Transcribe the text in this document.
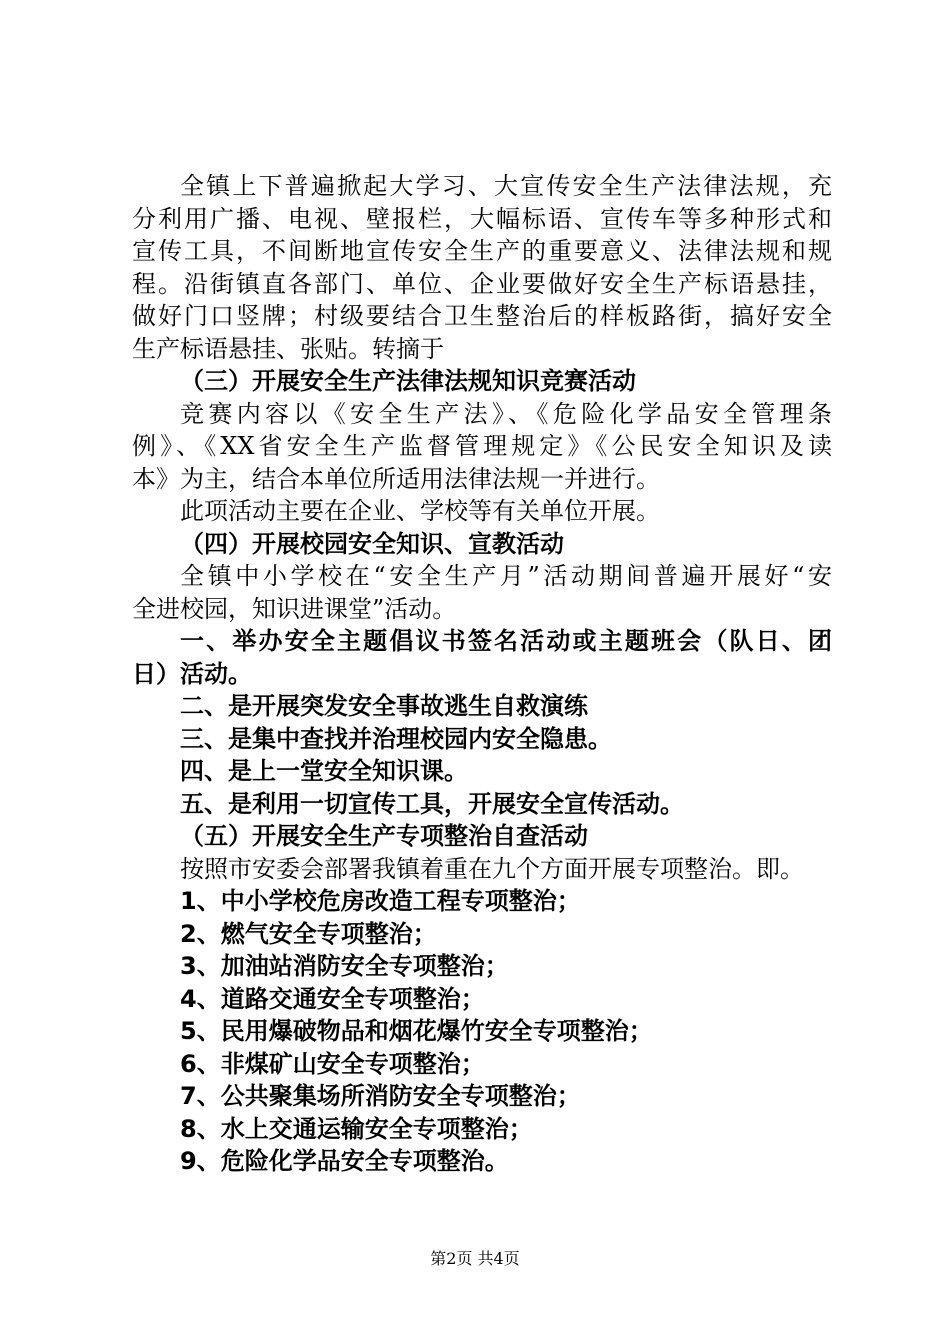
全镇上下普遍掀起大学习、大宣传安全生产法律法规，充
分利用广播、电视、壁报栏，大幅标语、宣传车等多种形式和
宣传工具，不间断地宣传安全生产的重要意义、法律法规和规
程。沿街镇直各部门、单位、企业要做好安全生产标语悬挂，
做好门口竖牌；村级要结合卫生整治后的样板路街，搞好安全
生产标语悬挂、张贴。转摘于
（三）开展安全生产法律法规知识竞赛活动
竞赛内容以《安全生产法》、《危险化学品安全管理条
例》、《XX省安全生产监督管理规定》《公民安全知识及读
本》为主，结合本单位所适用法律法规一并进行。
此项活动主要在企业、学校等有关单位开展。
（四）开展校园安全知识、宣教活动
全镇中小学校在“安全生产月”活动期间普遍开展好“安
全进校园，知识进课堂”活动。
一、举办安全主题倡议书签名活动或主题班会（队日、团
日）活动。
二、是开展突发安全事故逃生自救演练
三、是集中查找并治理校园内安全隐患。
四、是上一堂安全知识课。
五、是利用一切宣传工具，开展安全宣传活动。
（五）开展安全生产专项整治自查活动
按照市安委会部署我镇着重在九个方面开展专项整治。即。
1、中小学校危房改造工程专项整治；
2、燃气安全专项整治；
3、加油站消防安全专项整治；
4、道路交通安全专项整治；
5、民用爆破物品和烟花爆竹安全专项整治；
6、非煤矿山安全专项整治；
7、公共聚集场所消防安全专项整治；
8、水上交通运输安全专项整治；
9、危险化学品安全专项整治。
第2页 共4页
